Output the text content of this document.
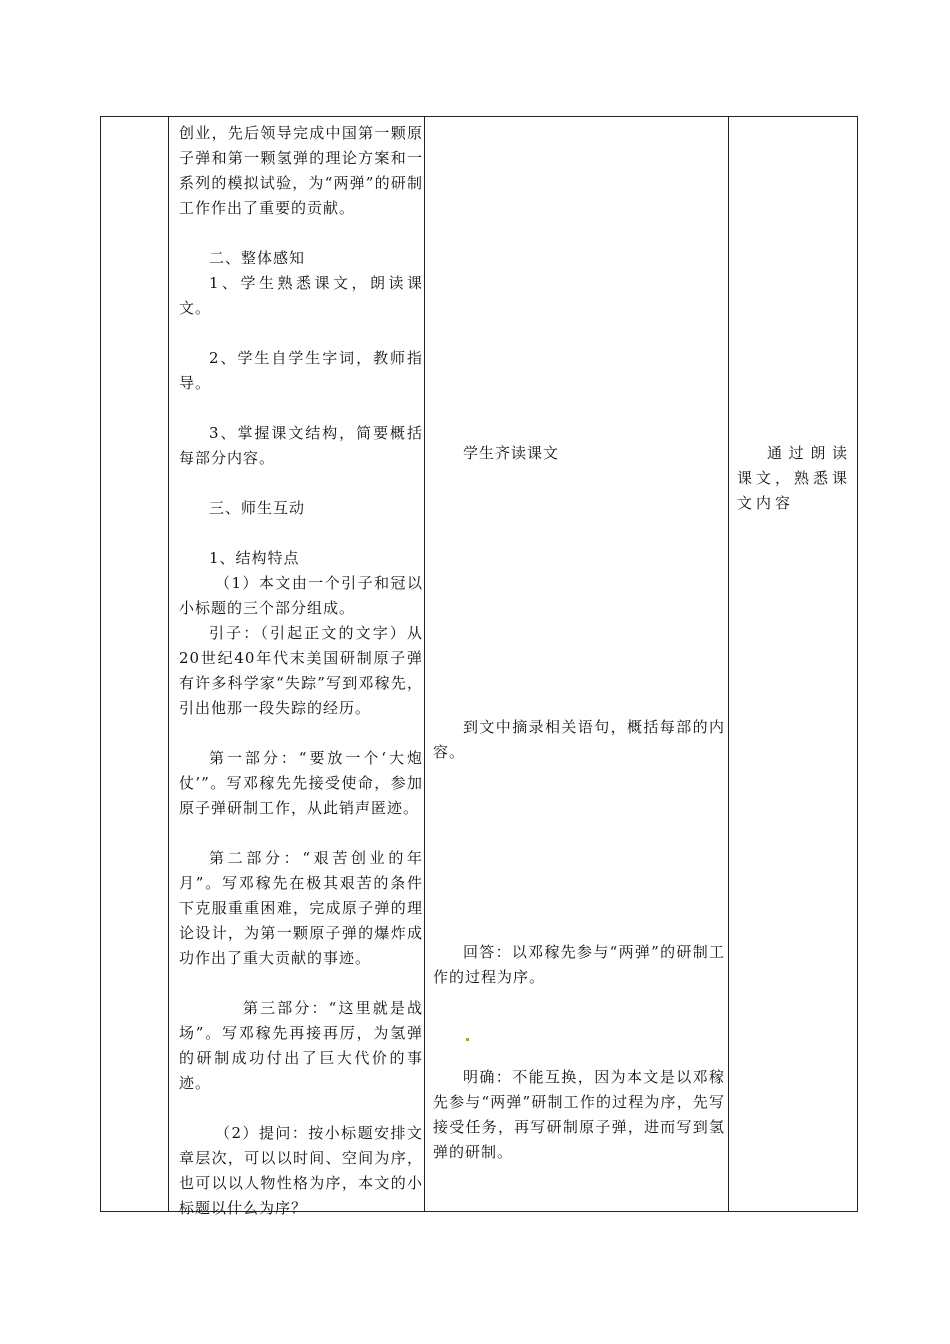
创业，先后领导完成中国第一颗原子弹和第一颗氢弹的理论方案和一系列的模拟试验，为“两弹”的研制工作作出了重要的贡献。

二、整体感知

1、学生熟悉课文，朗读课文。

2、学生自学生字词，教师指导。

3、掌握课文结构，简要概括每部分内容。

三、师生互动

1、结构特点

（1）本文由一个引子和冠以小标题的三个部分组成。

引子：（引起正文的文字）从20世纪40年代末美国研制原子弹有许多科学家“失踪”写到邓稼先，引出他那一段失踪的经历。

第一部分：“要放一个‘大炮仗’”。写邓稼先先接受使命，参加原子弹研制工作，从此销声匿迹。

第二部分：“艰苦创业的年月”。写邓稼先在极其艰苦的条件下克服重重困难，完成原子弹的理论设计，为第一颗原子弹的爆炸成功作出了重大贡献的事迹。

第三部分：“这里就是战场”。写邓稼先再接再厉，为氢弹的研制成功付出了巨大代价的事迹。

（2）提问：按小标题安排文章层次，可以以时间、空间为序，也可以以人物性格为序，本文的小标题以什么为序？

学生齐读课文

到文中摘录相关语句，概括每部的内容。

回答：以邓稼先参与“两弹”的研制工作的过程为序。

明确：不能互换，因为本文是以邓稼先参与“两弹”研制工作的过程为序，先写接受任务，再写研制原子弹，进而写到氢弹的研制。

通过朗读课文，熟悉课文内容
